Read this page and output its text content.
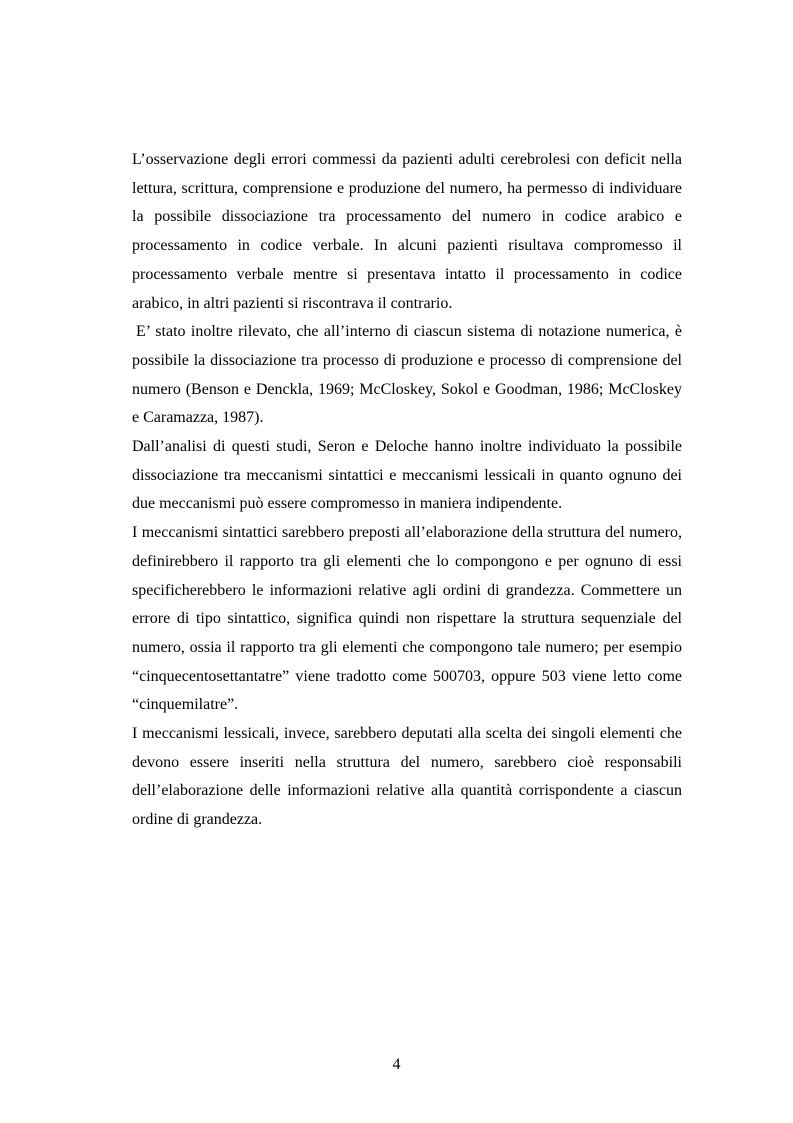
L’osservazione degli errori commessi da pazienti adulti cerebrolesi con deficit nella lettura, scrittura, comprensione e produzione del numero, ha permesso di individuare la possibile dissociazione tra processamento del numero in codice arabico e processamento in codice verbale. In alcuni pazienti risultava compromesso il processamento verbale mentre si presentava intatto il processamento in codice arabico, in altri pazienti si riscontrava il contrario.

E’ stato inoltre rilevato, che all’interno di ciascun sistema di notazione numerica, è possibile la dissociazione tra processo di produzione e processo di comprensione del numero (Benson e Denckla, 1969; McCloskey, Sokol e Goodman, 1986; McCloskey e Caramazza, 1987).

Dall’analisi di questi studi, Seron e Deloche hanno inoltre individuato la possibile dissociazione tra meccanismi sintattici e meccanismi lessicali in quanto ognuno dei due meccanismi può essere compromesso in maniera indipendente.

I meccanismi sintattici sarebbero preposti all’elaborazione della struttura del numero, definirebbero il rapporto tra gli elementi che lo compongono e per ognuno di essi specificherebbero le informazioni relative agli ordini di grandezza. Commettere un errore di tipo sintattico, significa quindi non rispettare la struttura sequenziale del numero, ossia il rapporto tra gli elementi che compongono tale numero; per esempio “cinquecentosettantatre” viene tradotto come 500703, oppure 503 viene letto come “cinquemilatre”.

I meccanismi lessicali, invece, sarebbero deputati alla scelta dei singoli elementi che devono essere inseriti nella struttura del numero, sarebbero cioè responsabili dell’elaborazione delle informazioni relative alla quantità corrispondente a ciascun ordine di grandezza.

4
